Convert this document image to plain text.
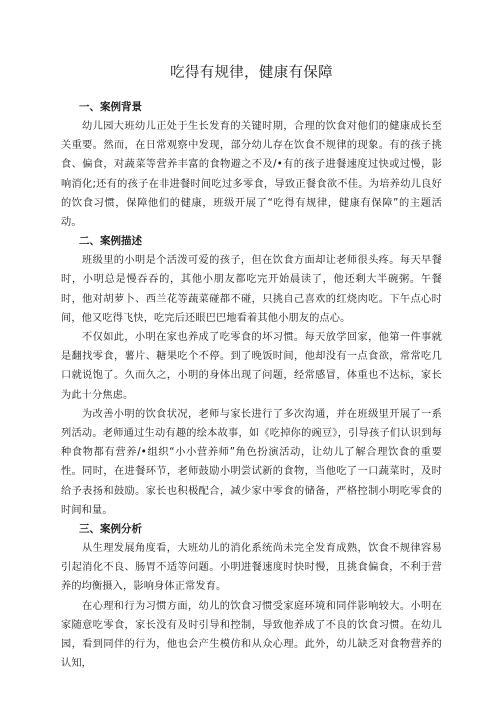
吃得有规律，健康有保障
一、案例背景

幼儿园大班幼儿正处于生长发育的关键时期，合理的饮食对他们的健康成长至关重要。然而，在日常观察中发现，部分幼儿存在饮食不规律的现象。有的孩子挑食、偏食，对蔬菜等营养丰富的食物避之不及/•有的孩子进餐速度过快或过慢，影响消化;还有的孩子在非进餐时间吃过多零食，导致正餐食欲不佳。为培养幼儿良好的饮食习惯，保障他们的健康，班级开展了“吃得有规律，健康有保障”的主题活动。

二、案例描述

班级里的小明是个活泼可爱的孩子，但在饮食方面却让老师很头疼。每天早餐时，小明总是慢吞吞的，其他小朋友都吃完开始晨读了，他还剩大半碗粥。午餐时，他对胡萝卜、西兰花等蔬菜碰都不碰，只挑自己喜欢的红烧肉吃。下午点心时间，他又吃得飞快，吃完后还眼巴巴地看着其他小朋友的点心。

不仅如此，小明在家也养成了吃零食的坏习惯。每天放学回家，他第一件事就是翻找零食，薯片、糖果吃个不停。到了晚饭时间，他却没有一点食欲，常常吃几口就说饱了。久而久之，小明的身体出现了问题，经常感冒，体重也不达标，家长为此十分焦虑。

为改善小明的饮食状况，老师与家长进行了多次沟通，并在班级里开展了一系列活动。老师通过生动有趣的绘本故事，如《吃掉你的豌豆》，引导孩子们认识到每种食物都有营养/•组织“小小营养师”角色扮演活动，让幼儿了解合理饮食的重要性。同时，在进餐环节，老师鼓励小明尝试新的食物，当他吃了一口蔬菜时，及时给予表扬和鼓励。家长也积极配合，减少家中零食的储备，严格控制小明吃零食的时间和量。

三、案例分析

从生理发展角度看，大班幼儿的消化系统尚未完全发育成熟，饮食不规律容易引起消化不良、肠胃不适等问题。小明进餐速度时快时慢，且挑食偏食，不利于营养的均衡摄入，影响身体正常发育。

在心理和行为习惯方面，幼儿的饮食习惯受家庭环境和同伴影响较大。小明在家随意吃零食，家长没有及时引导和控制，导致他养成了不良的饮食习惯。在幼儿园，看到同伴的行为，他也会产生模仿和从众心理。此外，幼儿缺乏对食物营养的认知，
